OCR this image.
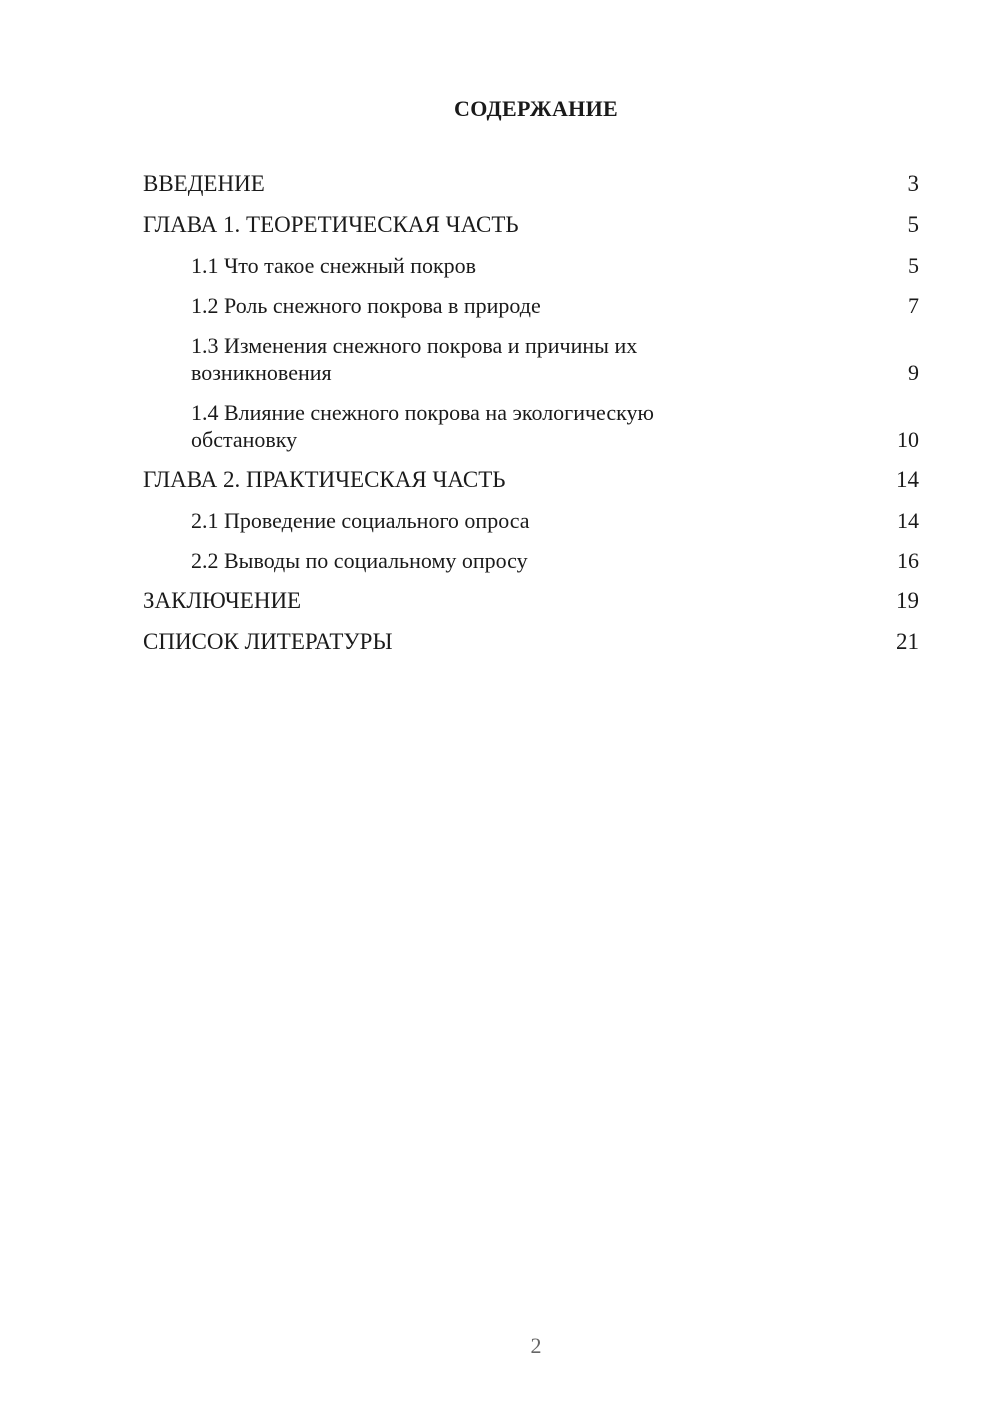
СОДЕРЖАНИЕ
ВВЕДЕНИЕ	3
ГЛАВА 1. ТЕОРЕТИЧЕСКАЯ ЧАСТЬ	5
1.1 Что такое снежный покров	5
1.2 Роль снежного покрова в природе	7
1.3 Изменения снежного покрова и причины их возникновения	9
1.4 Влияние снежного покрова на экологическую обстановку	10
ГЛАВА 2. ПРАКТИЧЕСКАЯ ЧАСТЬ	14
2.1 Проведение социального опроса	14
2.2 Выводы по социальному опросу	16
ЗАКЛЮЧЕНИЕ	19
СПИСОК ЛИТЕРАТУРЫ	21
2
